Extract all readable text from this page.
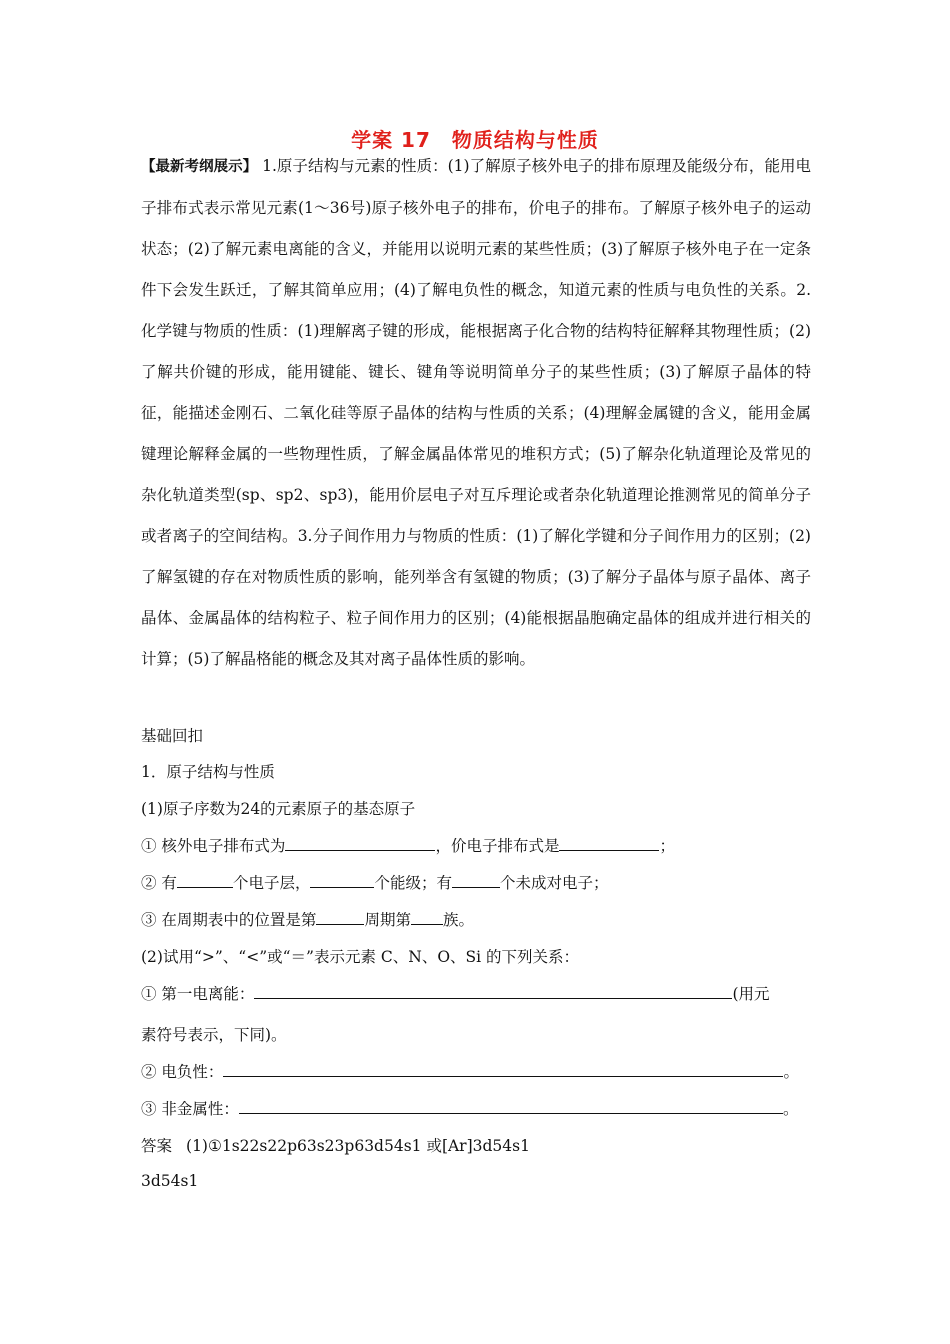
学案 17　物质结构与性质
【最新考纲展示】 1.原子结构与元素的性质：(1)了解原子核外电子的排布原理及能级分布，能用电子排布式表示常见元素(1～36号)原子核外电子的排布，价电子的排布。了解原子核外电子的运动状态；(2)了解元素电离能的含义，并能用以说明元素的某些性质；(3)了解原子核外电子在一定条件下会发生跃迁，了解其简单应用；(4)了解电负性的概念，知道元素的性质与电负性的关系。2.化学键与物质的性质：(1)理解离子键的形成，能根据离子化合物的结构特征解释其物理性质；(2)了解共价键的形成，能用键能、键长、键角等说明简单分子的某些性质；(3)了解原子晶体的特征，能描述金刚石、二氧化硅等原子晶体的结构与性质的关系；(4)理解金属键的含义，能用金属键理论解释金属的一些物理性质，了解金属晶体常见的堆积方式；(5)了解杂化轨道理论及常见的杂化轨道类型(sp、sp2、sp3)，能用价层电子对互斥理论或者杂化轨道理论推测常见的简单分子或者离子的空间结构。3.分子间作用力与物质的性质：(1)了解化学键和分子间作用力的区别；(2)了解氢键的存在对物质性质的影响，能列举含有氢键的物质；(3)了解分子晶体与原子晶体、离子晶体、金属晶体的结构粒子、粒子间作用力的区别；(4)能根据晶胞确定晶体的组成并进行相关的计算；(5)了解晶格能的概念及其对离子晶体性质的影响。
基础回扣
1．原子结构与性质
(1)原子序数为24的元素原子的基态原子
① 核外电子排布式为	，价电子排布式是	；
② 有	个电子层，	个能级；有	个未成对电子；
③ 在周期表中的位置是第	周期第 族。
(2)试用“>”、“<”或“＝”表示元素 C、N、O、Si 的下列关系：
① 第一电离能：	(用元
素符号表示，下同)。
② 电负性：	。
③ 非金属性：	。
答案 (1)①1s22s22p63s23p63d54s1 或[Ar]3d54s1
3d54s1
